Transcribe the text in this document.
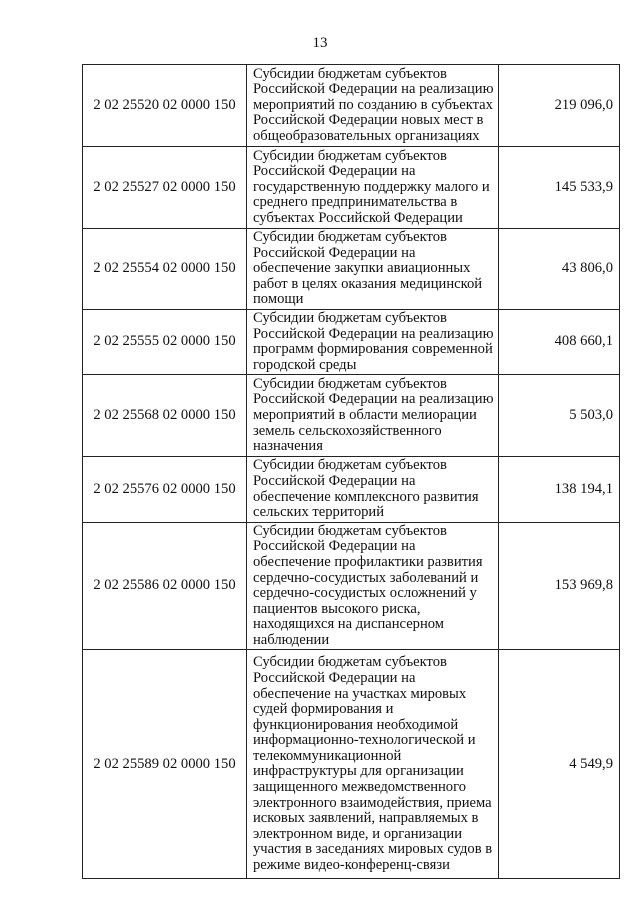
13
2 02 25520 02 0000 150	Субсидии бюджетам субъектов Российской Федерации на реализацию мероприятий по созданию в субъектах Российской Федерации новых мест в общеобразовательных организациях	219 096,0
2 02 25527 02 0000 150	Субсидии бюджетам субъектов Российской Федерации на государственную поддержку малого и среднего предпринимательства в субъектах Российской Федерации	145 533,9
2 02 25554 02 0000 150	Субсидии бюджетам субъектов Российской Федерации на обеспечение закупки авиационных работ в целях оказания медицинской помощи	43 806,0
2 02 25555 02 0000 150	Субсидии бюджетам субъектов Российской Федерации на реализацию программ формирования современной городской среды	408 660,1
2 02 25568 02 0000 150	Субсидии бюджетам субъектов Российской Федерации на реализацию мероприятий в области мелиорации земель сельскохозяйственного назначения	5 503,0
2 02 25576 02 0000 150	Субсидии бюджетам субъектов Российской Федерации на обеспечение комплексного развития сельских территорий	138 194,1
2 02 25586 02 0000 150	Субсидии бюджетам субъектов Российской Федерации на обеспечение профилактики развития сердечно-сосудистых заболеваний и сердечно-сосудистых осложнений у пациентов высокого риска, находящихся на диспансерном наблюдении	153 969,8
2 02 25589 02 0000 150	Субсидии бюджетам субъектов Российской Федерации на обеспечение на участках мировых судей формирования и функционирования необходимой информационно-технологической и телекоммуникационной инфраструктуры для организации защищенного межведомственного электронного взаимодействия, приема исковых заявлений, направляемых в электронном виде, и организации участия в заседаниях мировых судов в режиме видео-конференц-связи	4 549,9
